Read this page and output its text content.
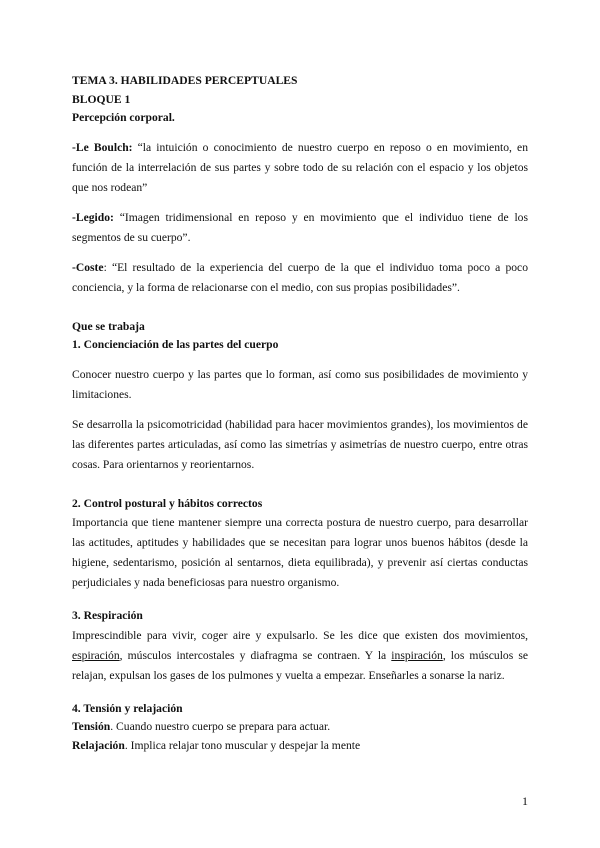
TEMA 3. HABILIDADES PERCEPTUALES
BLOQUE 1
Percepción corporal.

-Le Boulch: “la intuición o conocimiento de nuestro cuerpo en reposo o en movimiento, en función de la interrelación de sus partes y sobre todo de su relación con el espacio y los objetos que nos rodean”

-Legido: “Imagen tridimensional en reposo y en movimiento que el individuo tiene de los segmentos de su cuerpo”.

-Coste: “El resultado de la experiencia del cuerpo de la que el individuo toma poco a poco conciencia, y la forma de relacionarse con el medio, con sus propias posibilidades”.

Que se trabaja
1. Concienciación de las partes del cuerpo

Conocer nuestro cuerpo y las partes que lo forman, así como sus posibilidades de movimiento y limitaciones.

Se desarrolla la psicomotricidad (habilidad para hacer movimientos grandes), los movimientos de las diferentes partes articuladas, así como las simetrías y asimetrías de nuestro cuerpo, entre otras cosas. Para orientarnos y reorientarnos.

2. Control postural y hábitos correctos

Importancia que tiene mantener siempre una correcta postura de nuestro cuerpo, para desarrollar las actitudes, aptitudes y habilidades que se necesitan para lograr unos buenos hábitos (desde la higiene, sedentarismo, posición al sentarnos, dieta equilibrada), y prevenir así ciertas conductas perjudiciales y nada beneficiosas para nuestro organismo.

3. Respiración

Imprescindible para vivir, coger aire y expulsarlo. Se les dice que existen dos movimientos, espiración, músculos intercostales y diafragma se contraen. Y la inspiración, los músculos se relajan, expulsan los gases de los pulmones y vuelta a empezar. Enseñarles a sonarse la nariz.

4. Tensión y relajación
Tensión. Cuando nuestro cuerpo se prepara para actuar.
Relajación. Implica relajar tono muscular y despejar la mente
1
